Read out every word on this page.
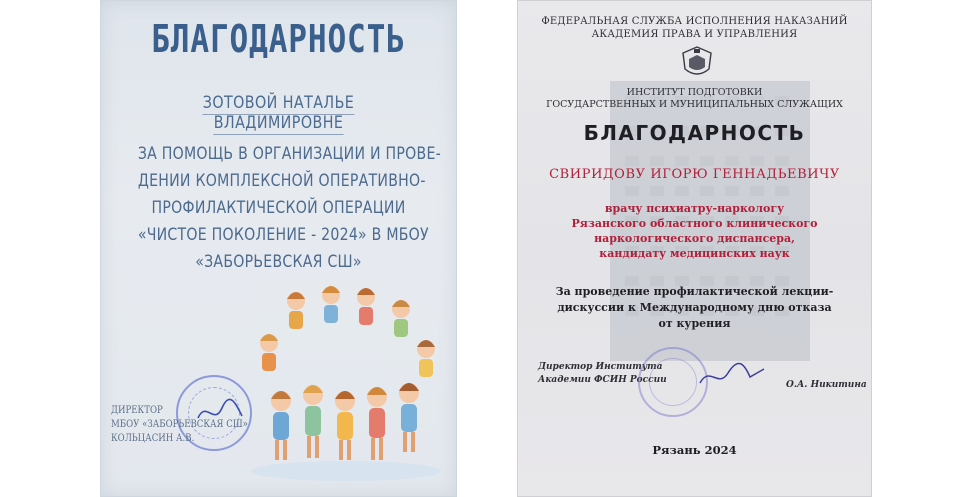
БЛАГОДАРНОСТЬ
ЗОТОВОЙ НАТАЛЬЕ ВЛАДИМИРОВНЕ
ЗА ПОМОЩЬ В ОРГАНИЗАЦИИ И ПРОВЕ-
ДЕНИИ КОМПЛЕКСНОЙ ОПЕРАТИВНО-
ПРОФИЛАКТИЧЕСКОЙ ОПЕРАЦИИ
«ЧИСТОЕ ПОКОЛЕНИЕ - 2024» В МБОУ
«ЗАБОРЬЕВСКАЯ СШ»
ДИРЕКТОР
МБОУ «ЗАБОРЬЕВСКАЯ СШ»
КОЛЬЦАСИН А.В.
ФЕДЕРАЛЬНАЯ СЛУЖБА ИСПОЛНЕНИЯ НАКАЗАНИЙ
АКАДЕМИЯ ПРАВА И УПРАВЛЕНИЯ
ИНСТИТУТ ПОДГОТОВКИ
ГОСУДАРСТВЕННЫХ И МУНИЦИПАЛЬНЫХ СЛУЖАЩИХ
БЛАГОДАРНОСТЬ
СВИРИДОВУ ИГОРЮ ГЕННАДЬЕВИЧУ
врачу психиатру-наркологу
Рязанского областного клинического
наркологического диспансера,
кандидату медицинских наук
За проведение профилактической лекции-
дискуссии к Международному дню отказа
от курения
Директор Института
Академии ФСИН России	О.А. Никитина
Рязань 2024
